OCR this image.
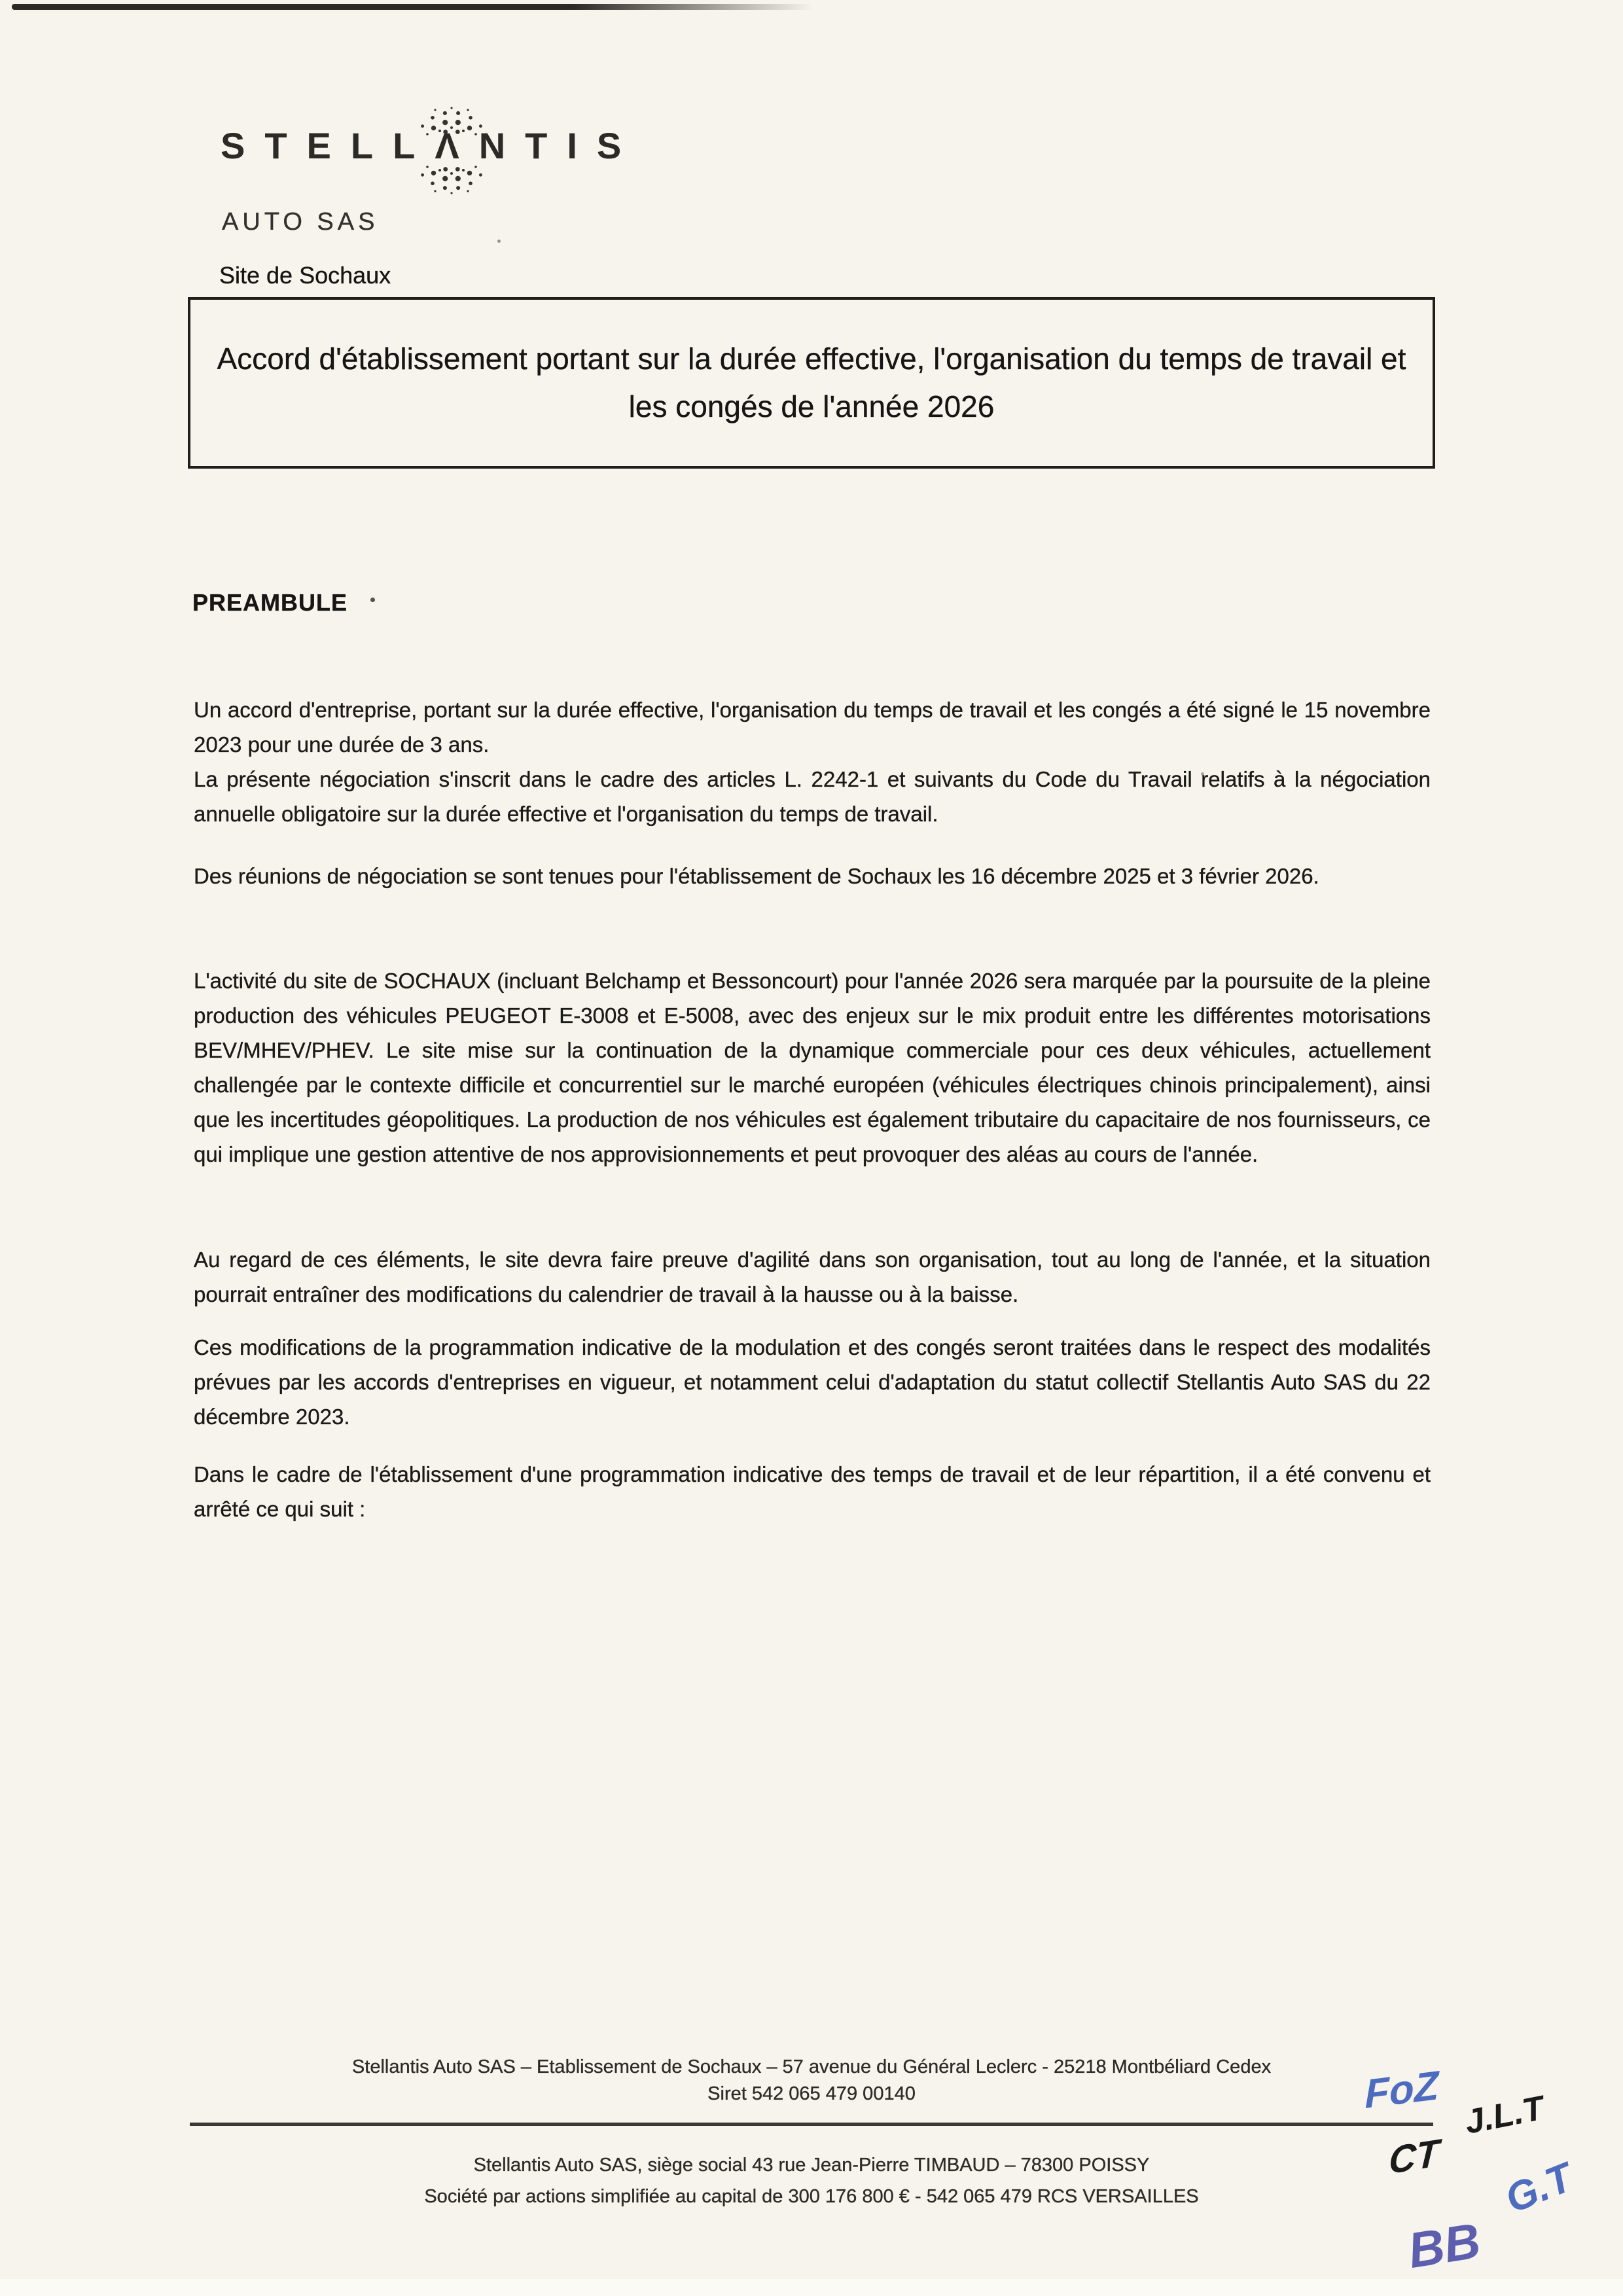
STELLΛNTIS
AUTO SAS
Site de Sochaux
Accord d'établissement portant sur la durée effective, l'organisation du temps de travail et les congés de l'année 2026
PREAMBULE
Un accord d'entreprise, portant sur la durée effective, l'organisation du temps de travail et les congés a été signé le 15 novembre 2023 pour une durée de 3 ans.
La présente négociation s'inscrit dans le cadre des articles L. 2242-1 et suivants du Code du Travail relatifs à la négociation annuelle obligatoire sur la durée effective et l'organisation du temps de travail.
Des réunions de négociation se sont tenues pour l'établissement de Sochaux les 16 décembre 2025 et 3 février 2026.
L'activité du site de SOCHAUX (incluant Belchamp et Bessoncourt) pour l'année 2026 sera marquée par la poursuite de la pleine production des véhicules PEUGEOT E-3008 et E-5008, avec des enjeux sur le mix produit entre les différentes motorisations BEV/MHEV/PHEV. Le site mise sur la continuation de la dynamique commerciale pour ces deux véhicules, actuellement challengée par le contexte difficile et concurrentiel sur le marché européen (véhicules électriques chinois principalement), ainsi que les incertitudes géopolitiques. La production de nos véhicules est également tributaire du capacitaire de nos fournisseurs, ce qui implique une gestion attentive de nos approvisionnements et peut provoquer des aléas au cours de l'année.
Au regard de ces éléments, le site devra faire preuve d'agilité dans son organisation, tout au long de l'année, et la situation pourrait entraîner des modifications du calendrier de travail à la hausse ou à la baisse.
Ces modifications de la programmation indicative de la modulation et des congés seront traitées dans le respect des modalités prévues par les accords d'entreprises en vigueur, et notamment celui d'adaptation du statut collectif Stellantis Auto SAS du 22 décembre 2023.
Dans le cadre de l'établissement d'une programmation indicative des temps de travail et de leur répartition, il a été convenu et arrêté ce qui suit :
Stellantis Auto SAS – Etablissement de Sochaux – 57 avenue du Général Leclerc - 25218 Montbéliard Cedex
Siret 542 065 479 00140
Stellantis Auto SAS, siège social 43 rue Jean-Pierre TIMBAUD – 78300 POISSY
Société par actions simplifiée au capital de 300 176 800 € - 542 065 479 RCS VERSAILLES
FoZ J.L.T
CT G.T
BB
